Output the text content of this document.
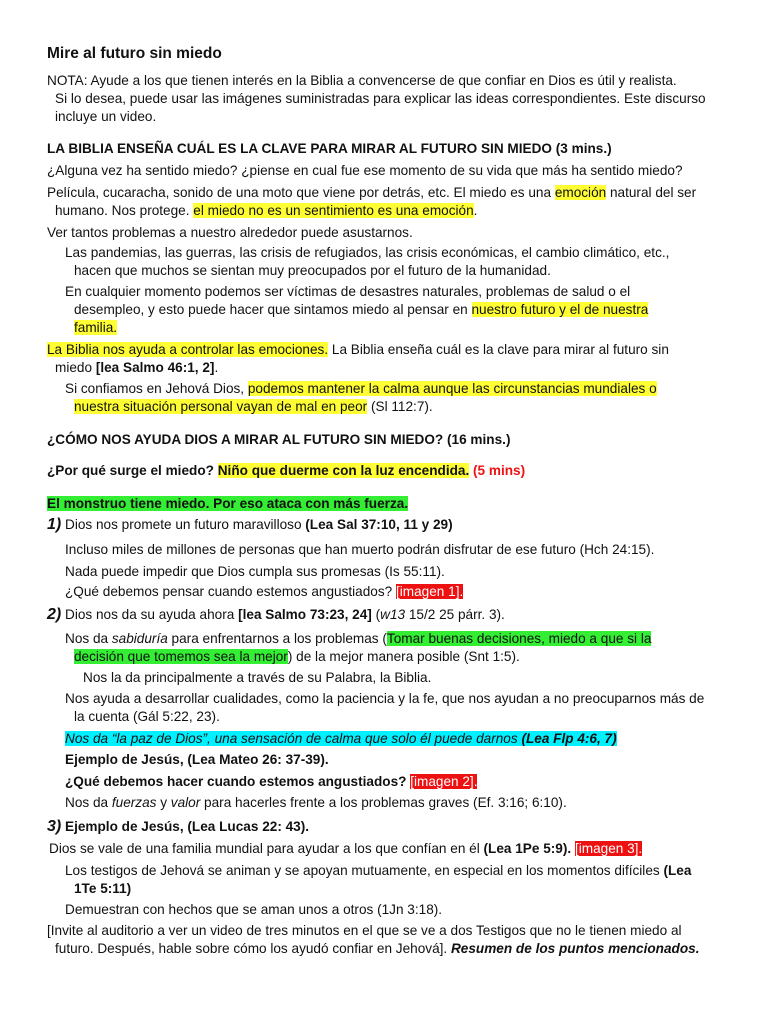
Mire al futuro sin miedo
NOTA: Ayude a los que tienen interés en la Biblia a convencerse de que confiar en Dios es útil y realista.
Si lo desea, puede usar las imágenes suministradas para explicar las ideas correspondientes. Este discurso
incluye un video.
LA BIBLIA ENSEÑA CUÁL ES LA CLAVE PARA MIRAR AL FUTURO SIN MIEDO (3 mins.)
¿Alguna vez ha sentido miedo? ¿piense en cual fue ese momento de su vida que más ha sentido miedo?
Película, cucaracha, sonido de una moto que viene por detrás, etc. El miedo es una emoción natural del ser
humano. Nos protege. el miedo no es un sentimiento es una emoción.
Ver tantos problemas a nuestro alrededor puede asustarnos.
Las pandemias, las guerras, las crisis de refugiados, las crisis económicas, el cambio climático, etc.,
hacen que muchos se sientan muy preocupados por el futuro de la humanidad.
En cualquier momento podemos ser víctimas de desastres naturales, problemas de salud o el
desempleo, y esto puede hacer que sintamos miedo al pensar en nuestro futuro y el de nuestra
familia.
La Biblia nos ayuda a controlar las emociones. La Biblia enseña cuál es la clave para mirar al futuro sin
miedo [lea Salmo 46:1, 2].
Si confiamos en Jehová Dios, podemos mantener la calma aunque las circunstancias mundiales o
nuestra situación personal vayan de mal en peor (Sl 112:7).
¿CÓMO NOS AYUDA DIOS A MIRAR AL FUTURO SIN MIEDO? (16 mins.)
¿Por qué surge el miedo? Niño que duerme con la luz encendida. (5 mins)
El monstruo tiene miedo. Por eso ataca con más fuerza.
1) Dios nos promete un futuro maravilloso (Lea Sal 37:10, 11 y 29)
Incluso miles de millones de personas que han muerto podrán disfrutar de ese futuro (Hch 24:15).
Nada puede impedir que Dios cumpla sus promesas (Is 55:11).
¿Qué debemos pensar cuando estemos angustiados? [imagen 1].
2) Dios nos da su ayuda ahora [lea Salmo 73:23, 24] (w13 15/2 25 párr. 3).
Nos da sabiduría para enfrentarnos a los problemas (Tomar buenas decisiones, miedo a que si la
decisión que tomemos sea la mejor) de la mejor manera posible (Snt 1:5).
Nos la da principalmente a través de su Palabra, la Biblia.
Nos ayuda a desarrollar cualidades, como la paciencia y la fe, que nos ayudan a no preocuparnos más de
la cuenta (Gál 5:22, 23).
Nos da “la paz de Dios”, una sensación de calma que solo él puede darnos (Lea Flp 4:6, 7)
Ejemplo de Jesús, (Lea Mateo 26: 37-39).
¿Qué debemos hacer cuando estemos angustiados? [imagen 2].
Nos da fuerzas y valor para hacerles frente a los problemas graves (Ef. 3:16; 6:10).
3) Ejemplo de Jesús, (Lea Lucas 22: 43).
Dios se vale de una familia mundial para ayudar a los que confían en él (Lea 1Pe 5:9). [imagen 3].
Los testigos de Jehová se animan y se apoyan mutuamente, en especial en los momentos difíciles (Lea
1Te 5:11)
Demuestran con hechos que se aman unos a otros (1Jn 3:18).
[Invite al auditorio a ver un video de tres minutos en el que se ve a dos Testigos que no le tienen miedo al
futuro. Después, hable sobre cómo los ayudó confiar en Jehová]. Resumen de los puntos mencionados.
